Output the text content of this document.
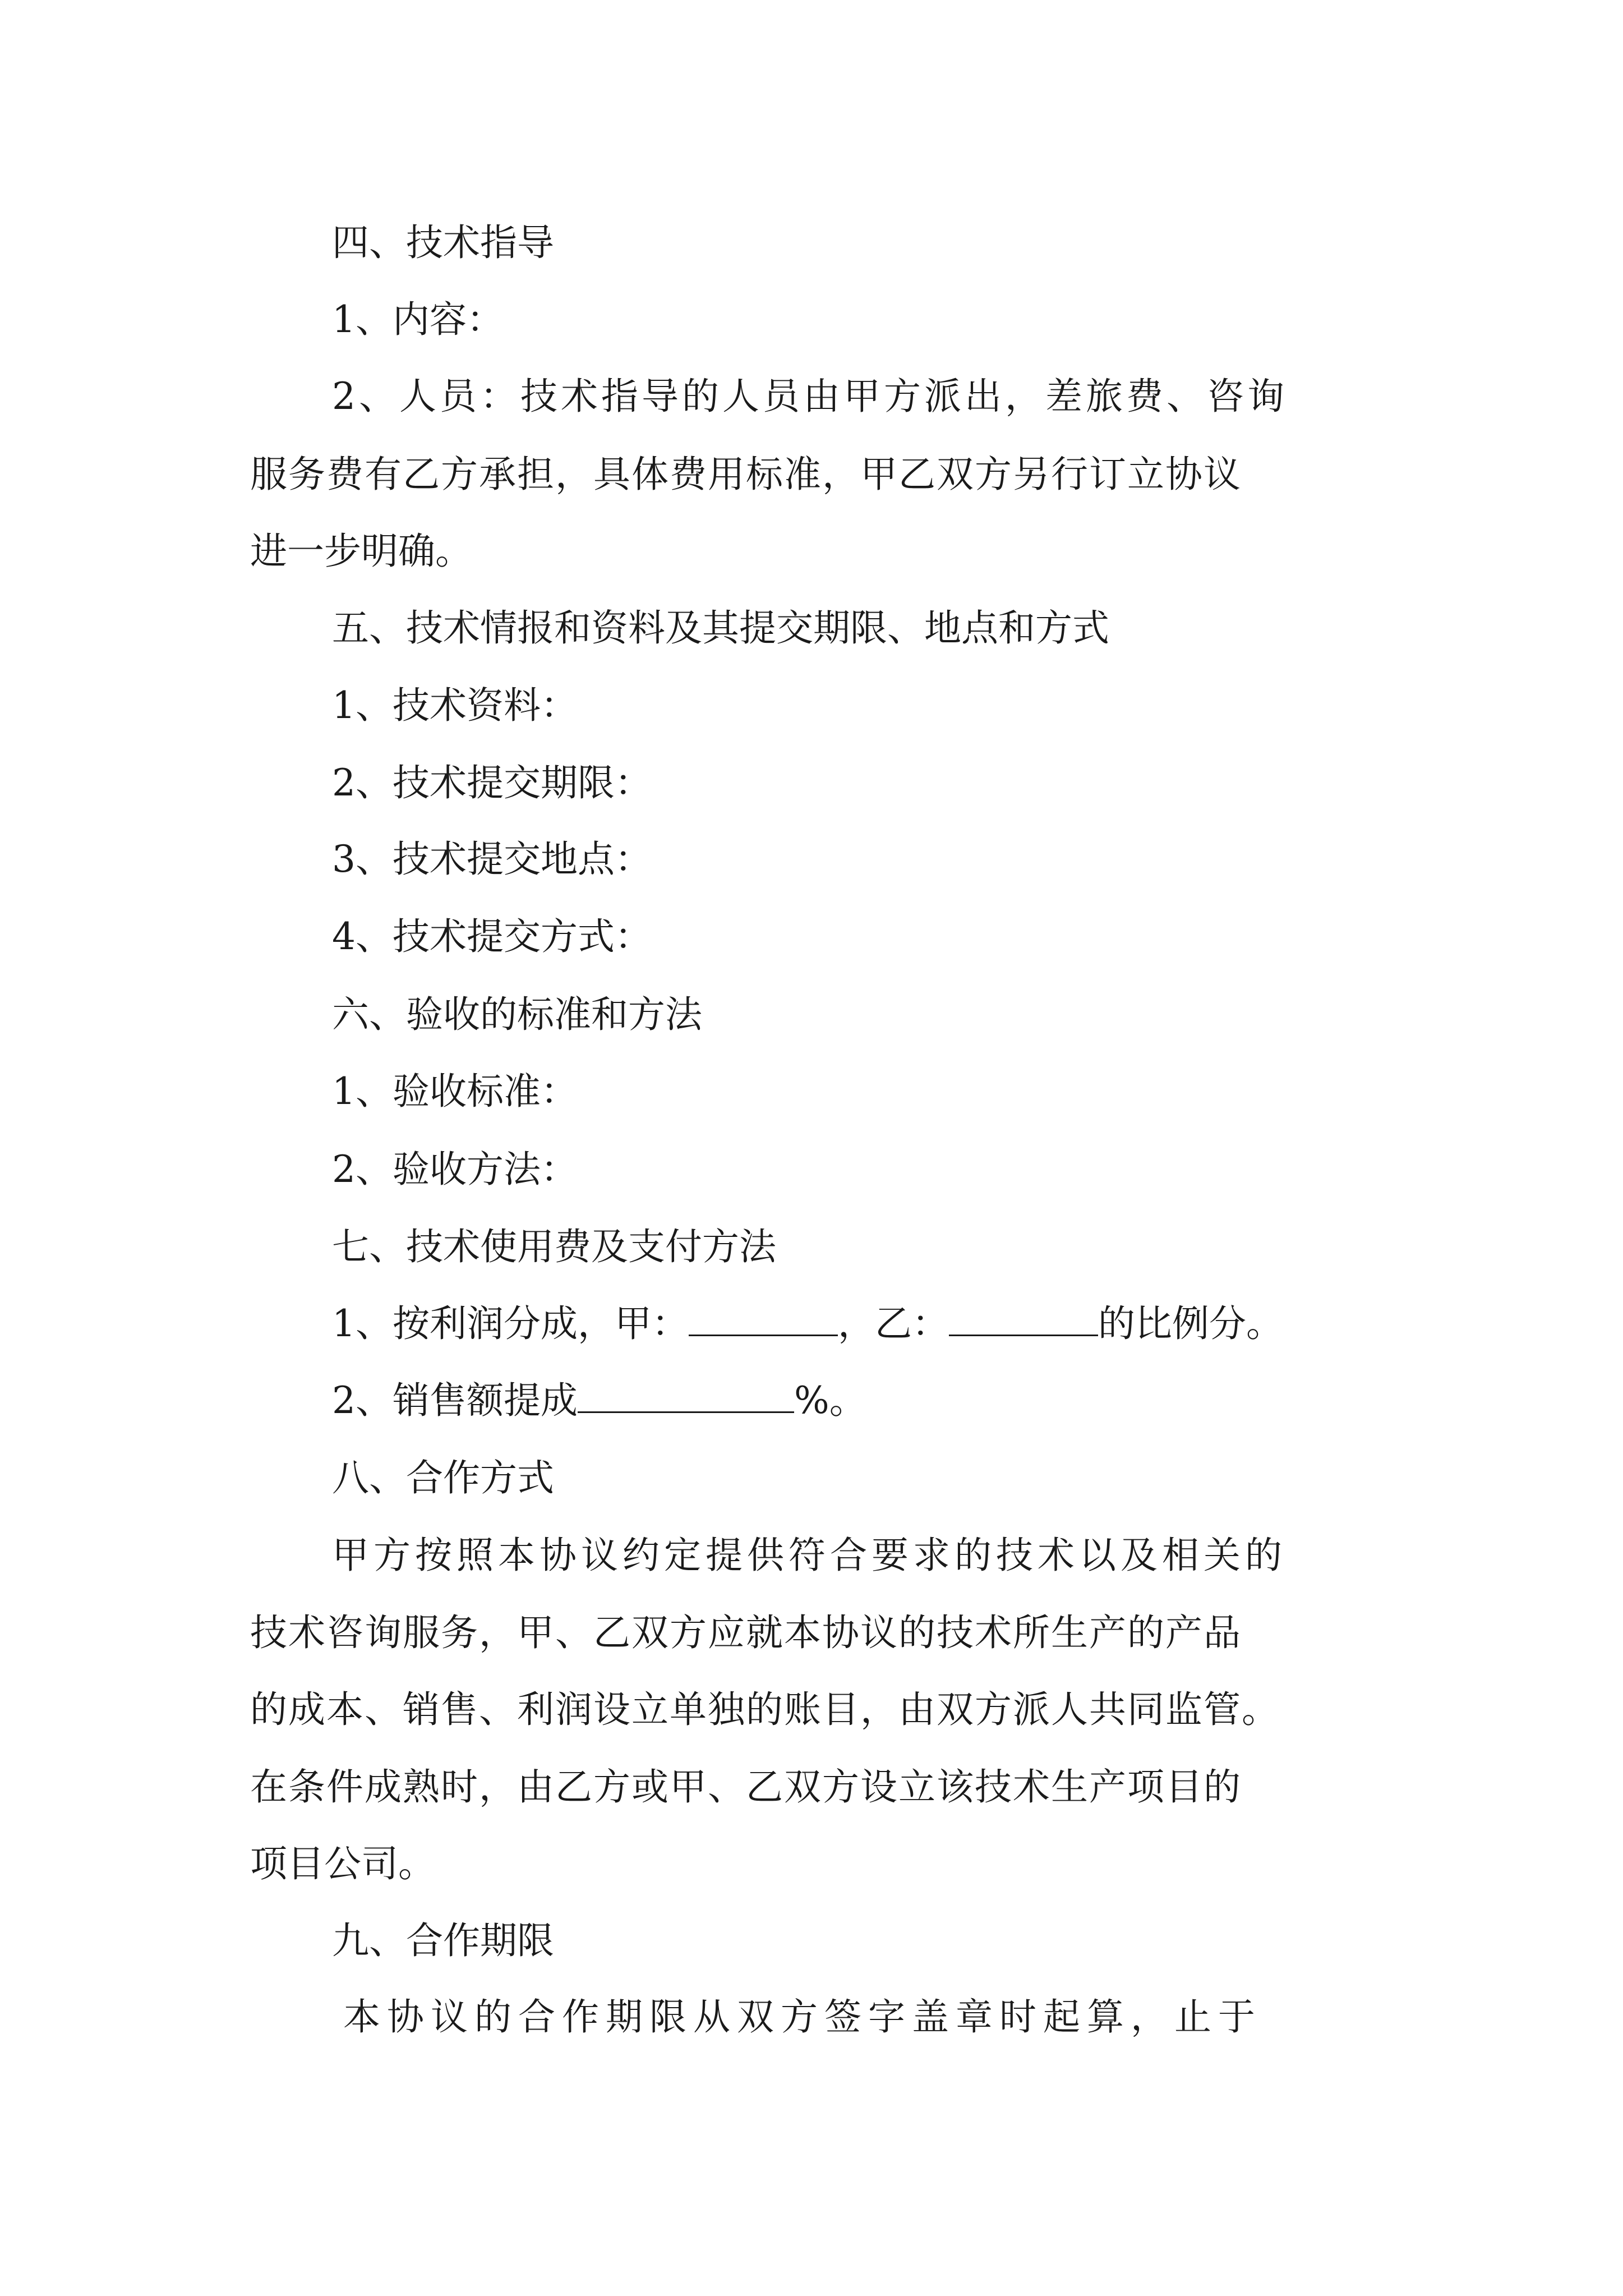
四、技术指导
1、内容：
2、人员：技术指导的人员由甲方派出，差旅费、咨询
服务费有乙方承担，具体费用标准，甲乙双方另行订立协议
进一步明确。
五、技术情报和资料及其提交期限、地点和方式
1、技术资料：
2、技术提交期限：
3、技术提交地点：
4、技术提交方式：
六、验收的标准和方法
1、验收标准：
2、验收方法：
七、技术使用费及支付方法
1、按利润分成，甲：	，乙：	的比例分。
2、销售额提成	%。
八、合作方式
甲方按照本协议约定提供符合要求的技术以及相关的
技术咨询服务，甲、乙双方应就本协议的技术所生产的产品
的成本、销售、利润设立单独的账目，由双方派人共同监管。
在条件成熟时，由乙方或甲、乙双方设立该技术生产项目的
项目公司。
九、合作期限
本协议的合作期限从双方签字盖章时起算，止于
